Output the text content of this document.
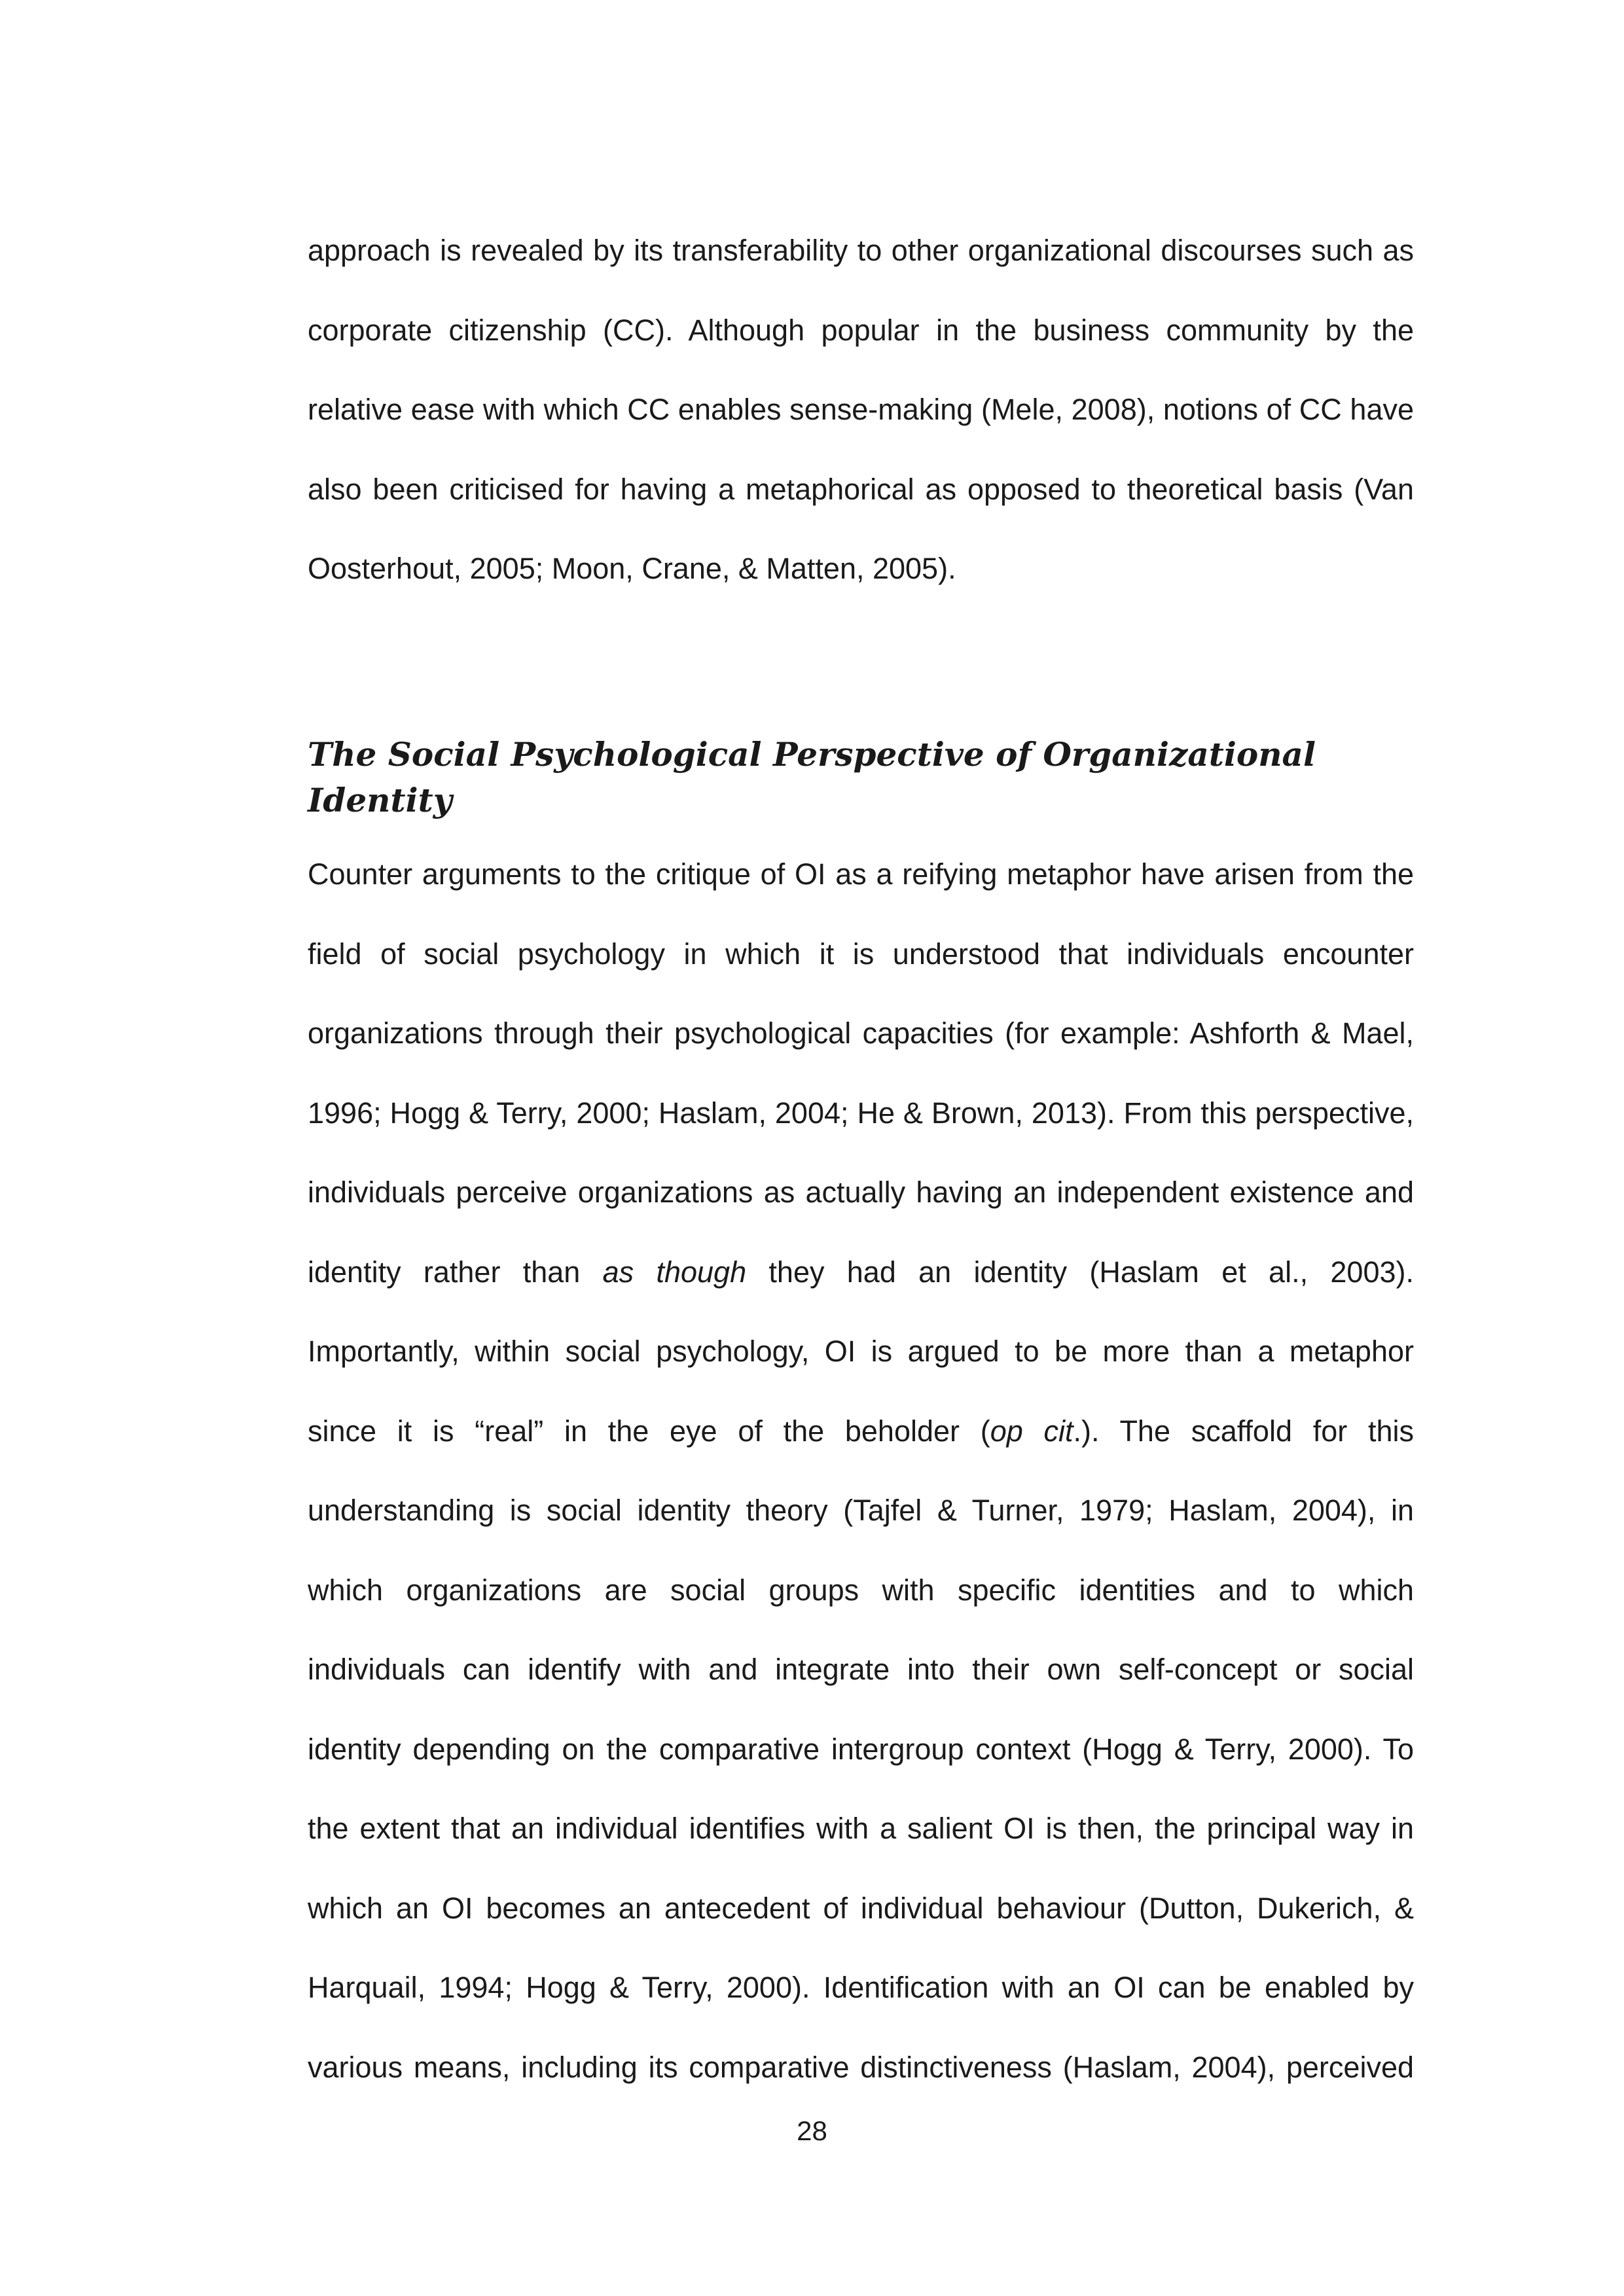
approach is revealed by its transferability to other organizational discourses such as
corporate citizenship (CC). Although popular in the business community by the
relative ease with which CC enables sense-making (Mele, 2008), notions of CC have
also been criticised for having a metaphorical as opposed to theoretical basis (Van
Oosterhout, 2005; Moon, Crane, & Matten, 2005).
The Social Psychological Perspective of Organizational Identity
Counter arguments to the critique of OI as a reifying metaphor have arisen from the
field of social psychology in which it is understood that individuals encounter
organizations through their psychological capacities (for example: Ashforth & Mael,
1996; Hogg & Terry, 2000; Haslam, 2004; He & Brown, 2013). From this perspective,
individuals perceive organizations as actually having an independent existence and
identity rather than as though they had an identity (Haslam et al., 2003).
Importantly, within social psychology, OI is argued to be more than a metaphor
since it is “real” in the eye of the beholder (op cit.). The scaffold for this
understanding is social identity theory (Tajfel & Turner, 1979; Haslam, 2004), in
which organizations are social groups with specific identities and to which
individuals can identify with and integrate into their own self-concept or social
identity depending on the comparative intergroup context (Hogg & Terry, 2000). To
the extent that an individual identifies with a salient OI is then, the principal way in
which an OI becomes an antecedent of individual behaviour (Dutton, Dukerich, &
Harquail, 1994; Hogg & Terry, 2000). Identification with an OI can be enabled by
various means, including its comparative distinctiveness (Haslam, 2004), perceived
28
